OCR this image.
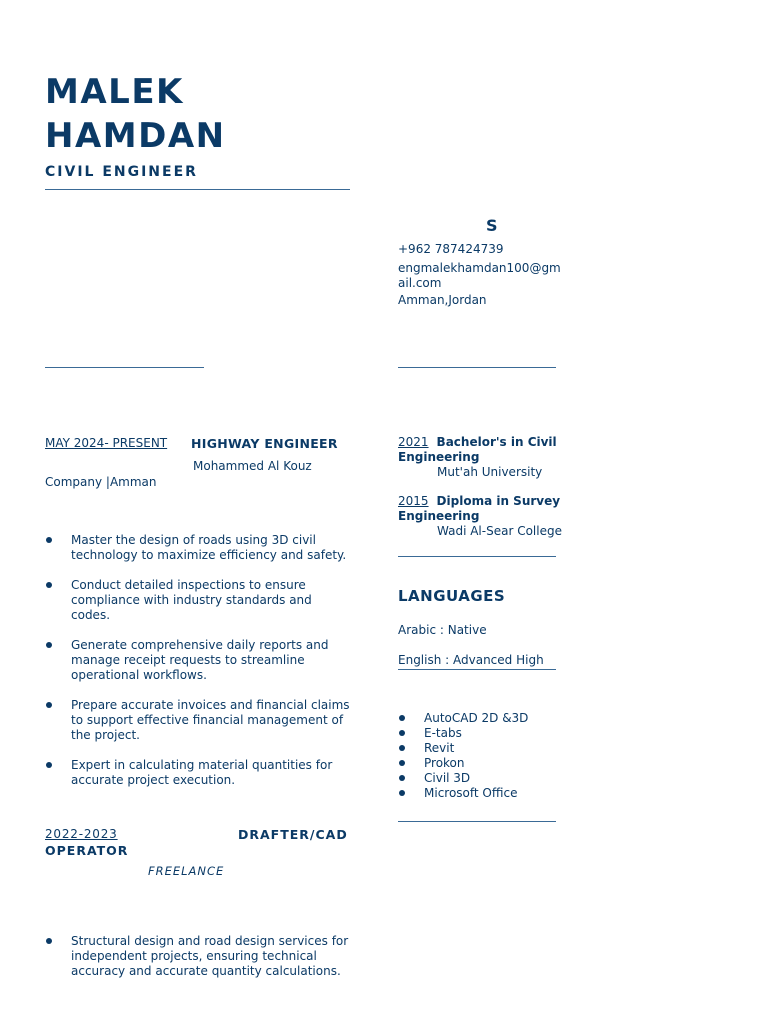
MALEK
HAMDAN
CIVIL ENGINEER
S
+962 787424739
engmalekhamdan100@gmail.com
Amman,Jordan
MAY 2024- PRESENT HIGHWAY ENGINEER
Mohammed Al Kouz
Company |Amman
Master the design of roads using 3D civil technology to maximize efficiency and safety.
Conduct detailed inspections to ensure compliance with industry standards and codes.
Generate comprehensive daily reports and manage receipt requests to streamline operational workflows.
Prepare accurate invoices and financial claims to support effective financial management of the project.
Expert in calculating material quantities for accurate project execution.
2022-2023	DRAFTER/CAD
OPERATOR
FREELANCE
Structural design and road design services for independent projects, ensuring technical accuracy and accurate quantity calculations.
2021 Bachelor's in Civil Engineering
Mut'ah University
2015 Diploma in Survey Engineering
Wadi Al-Sear College
LANGUAGES
Arabic : Native
English : Advanced High
AutoCAD 2D &3D
E-tabs
Revit
Prokon
Civil 3D
Microsoft Office
